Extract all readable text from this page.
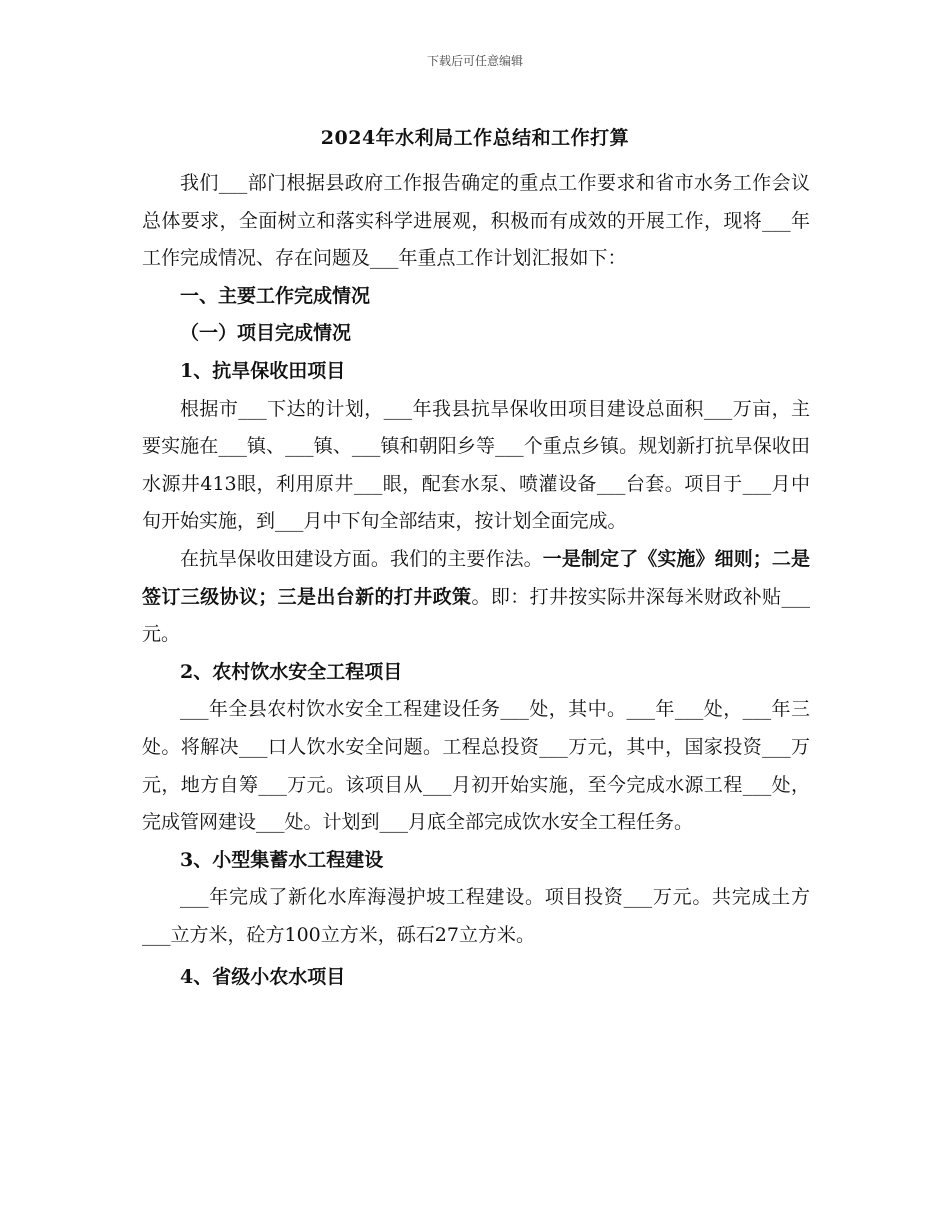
下载后可任意编辑
2024年水利局工作总结和工作打算

我们___部门根据县政府工作报告确定的重点工作要求和省市水务工作会议总体要求，全面树立和落实科学进展观，积极而有成效的开展工作，现将___年工作完成情况、存在问题及___年重点工作计划汇报如下：

一、主要工作完成情况

（一）项目完成情况

1、抗旱保收田项目

根据市___下达的计划，___年我县抗旱保收田项目建设总面积___万亩，主要实施在___镇、___镇、___镇和朝阳乡等___个重点乡镇。规划新打抗旱保收田水源井413眼，利用原井___眼，配套水泵、喷灌设备___台套。项目于___月中旬开始实施，到___月中下旬全部结束，按计划全面完成。

在抗旱保收田建设方面。我们的主要作法。一是制定了《实施》细则；二是签订三级协议；三是出台新的打井政策。即：打井按实际井深每米财政补贴___元。

2、农村饮水安全工程项目

___年全县农村饮水安全工程建设任务___处，其中。___年___处，___年三处。将解决___口人饮水安全问题。工程总投资___万元，其中，国家投资___万元，地方自筹___万元。该项目从___月初开始实施，至今完成水源工程___处，完成管网建设___处。计划到___月底全部完成饮水安全工程任务。

3、小型集蓄水工程建设

___年完成了新化水库海漫护坡工程建设。项目投资___万元。共完成土方___立方米，砼方100立方米，砾石27立方米。

4、省级小农水项目
